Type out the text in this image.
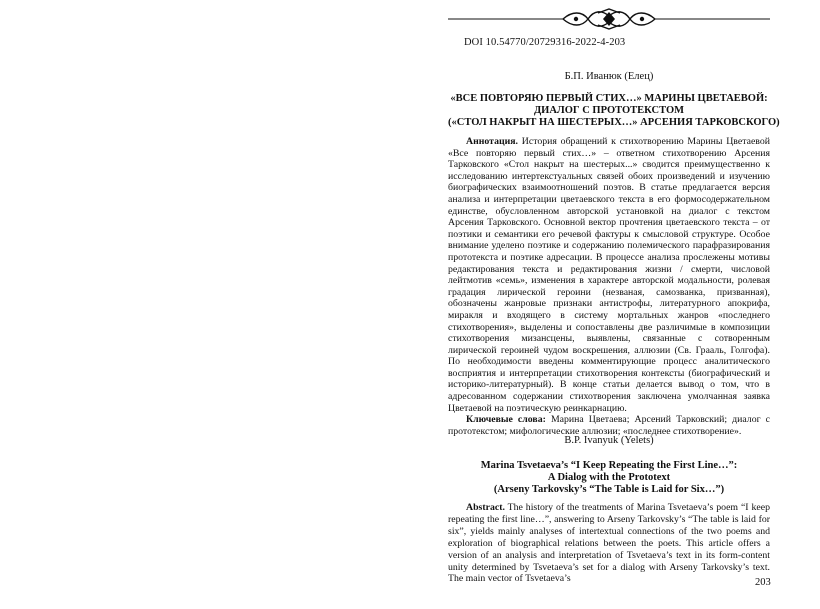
DOI 10.54770/20729316-2022-4-203
Б.П. Иванюк (Елец)
«ВСЕ ПОВТОРЯЮ ПЕРВЫЙ СТИХ…» МАРИНЫ ЦВЕТАЕВОЙ:
ДИАЛОГ С ПРОТОТЕКСТОМ
(«СТОЛ НАКРЫТ НА ШЕСТЕРЫХ…» АРСЕНИЯ ТАРКОВСКОГО)

Аннотация. История обращений к стихотворению Марины Цветаевой «Все повторяю первый стих…» – ответном стихотворению Арсения Тарковского «Стол накрыт на шестерых...» сводится преимущественно к исследованию интертекстуальных связей обоих произведений и изучению биографических взаимоотношений поэтов. В статье предлагается версия анализа и интерпретации цветаевского текста в его формосодержательном единстве, обусловленном авторской установкой на диалог с текстом Арсения Тарковского. Основной вектор прочтения цветаевского текста – от поэтики и семантики его речевой фактуры к смысловой структуре. Особое внимание уделено поэтике и содержанию полемического парафразирования прототекста и поэтике адресации. В процессе анализа прослежены мотивы редактирования текста и редактирования жизни / смерти, числовой лейтмотив «семь», изменения в характере авторской модальности, ролевая градация лирической героини (незваная, самозванка, призванная), обозначены жанровые признаки антистрофы, литературного апокрифа, миракля и входящего в систему мортальных жанров «последнего стихотворения», выделены и сопоставлены две различимые в композиции стихотворения мизансцены, выявлены, связанные с сотворенным лирической героиней чудом воскрешения, аллюзии (Св. Грааль, Голгофа). По необходимости введены комментирующие процесс аналитического восприятия и интерпретации стихотворения контексты (биографический и историко-литературный). В конце статьи делается вывод о том, что в адресованном содержании стихотворения заключена умолчанная заявка Цветаевой на поэтическую реинкарнацию.

Ключевые слова: Марина Цветаева; Арсений Тарковский; диалог с прототекстом; мифологические аллюзии; «последнее стихотворение».

B.P. Ivanyuk (Yelets)
Marina Tsvetaeva’s “I Keep Repeating the First Line…”:
A Dialog with the Prototext
(Arseny Tarkovsky’s “The Table is Laid for Six…”)

Abstract. The history of the treatments of Marina Tsvetaeva’s poem “I keep repeating the first line…”, answering to Arseny Tarkovsky’s “The table is laid for six”, yields mainly analyses of intertextual connections of the two poems and exploration of biographical relations between the poets. This article offers a version of an analysis and interpretation of Tsvetaeva’s text in its form-content unity determined by Tsvetaeva’s set for a dialog with Arseny Tarkovsky’s text. The main vector of Tsvetaeva’s	203
